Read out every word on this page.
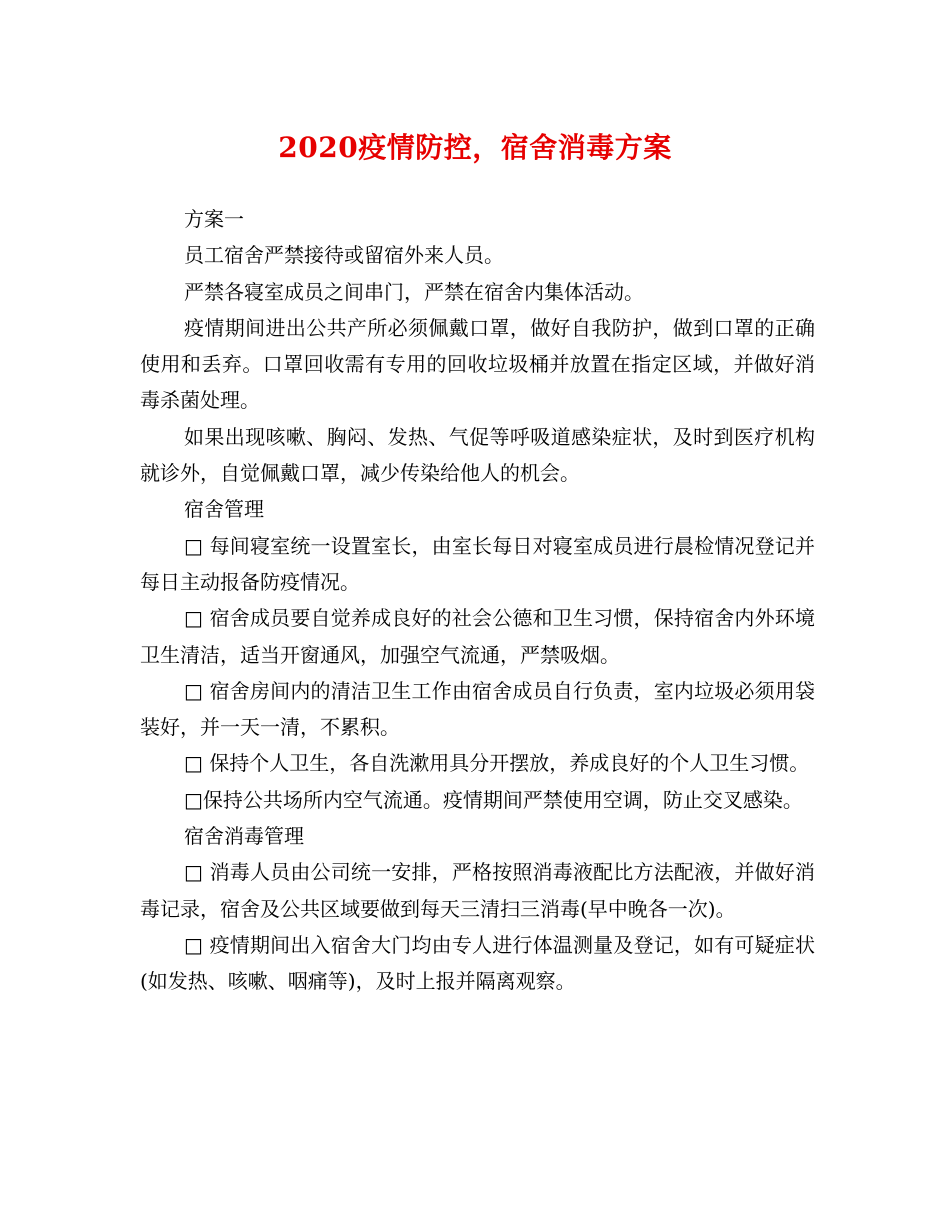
2020疫情防控，宿舍消毒方案

方案一

员工宿舍严禁接待或留宿外来人员。

严禁各寝室成员之间串门，严禁在宿舍内集体活动。

疫情期间进出公共产所必须佩戴口罩，做好自我防护，做到口罩的正确使用和丢弃。口罩回收需有专用的回收垃圾桶并放置在指定区域，并做好消毒杀菌处理。

如果出现咳嗽、胸闷、发热、气促等呼吸道感染症状，及时到医疗机构就诊外，自觉佩戴口罩，减少传染给他人的机会。

宿舍管理

□ 每间寝室统一设置室长，由室长每日对寝室成员进行晨检情况登记并每日主动报备防疫情况。

□ 宿舍成员要自觉养成良好的社会公德和卫生习惯，保持宿舍内外环境卫生清洁，适当开窗通风，加强空气流通，严禁吸烟。

□ 宿舍房间内的清洁卫生工作由宿舍成员自行负责，室内垃圾必须用袋装好，并一天一清，不累积。

□ 保持个人卫生，各自洗漱用具分开摆放，养成良好的个人卫生习惯。

□保持公共场所内空气流通。疫情期间严禁使用空调，防止交叉感染。

宿舍消毒管理

□ 消毒人员由公司统一安排，严格按照消毒液配比方法配液，并做好消毒记录，宿舍及公共区域要做到每天三清扫三消毒(早中晚各一次)。

□ 疫情期间出入宿舍大门均由专人进行体温测量及登记，如有可疑症状(如发热、咳嗽、咽痛等)，及时上报并隔离观察。
